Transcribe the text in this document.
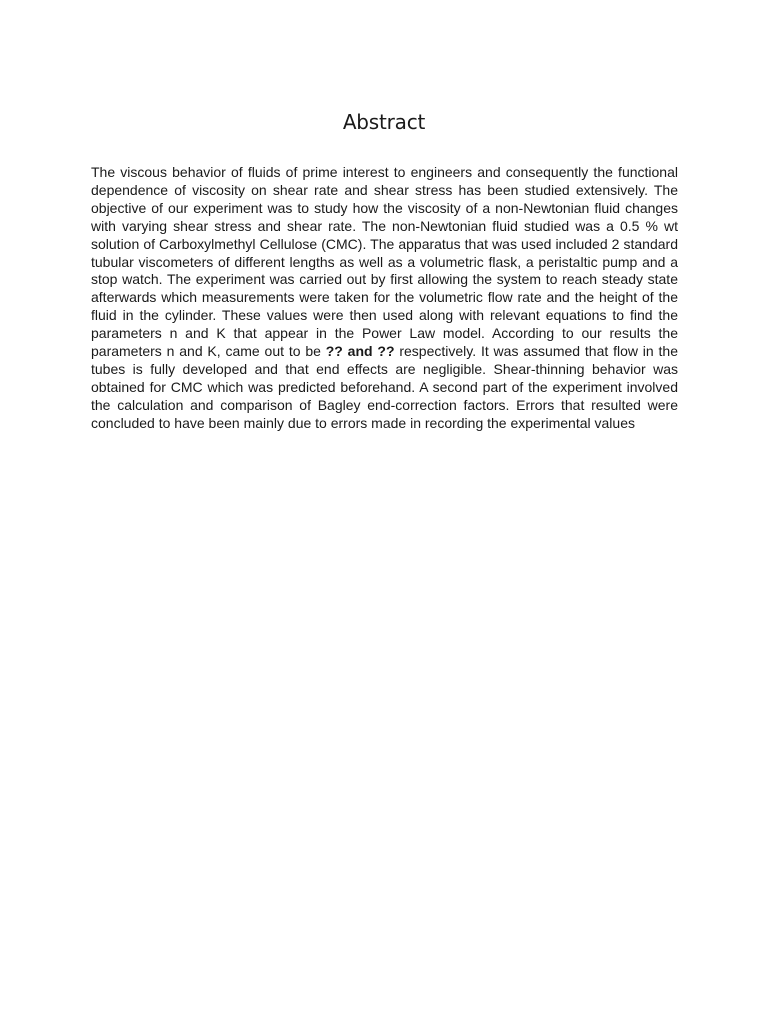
Abstract

The viscous behavior of fluids of prime interest to engineers and consequently the functional dependence of viscosity on shear rate and shear stress has been studied extensively. The objective of our experiment was to study how the viscosity of a non-Newtonian fluid changes with varying shear stress and shear rate. The non-Newtonian fluid studied was a 0.5 % wt solution of Carboxylmethyl Cellulose (CMC). The apparatus that was used included 2 standard tubular viscometers of different lengths as well as a volumetric flask, a peristaltic pump and a stop watch. The experiment was carried out by first allowing the system to reach steady state afterwards which measurements were taken for the volumetric flow rate and the height of the fluid in the cylinder. These values were then used along with relevant equations to find the parameters n and K that appear in the Power Law model. According to our results the parameters n and K, came out to be ?? and ?? respectively. It was assumed that flow in the tubes is fully developed and that end effects are negligible. Shear-thinning behavior was obtained for CMC which was predicted beforehand. A second part of the experiment involved the calculation and comparison of Bagley end-correction factors. Errors that resulted were concluded to have been mainly due to errors made in recording the experimental values
